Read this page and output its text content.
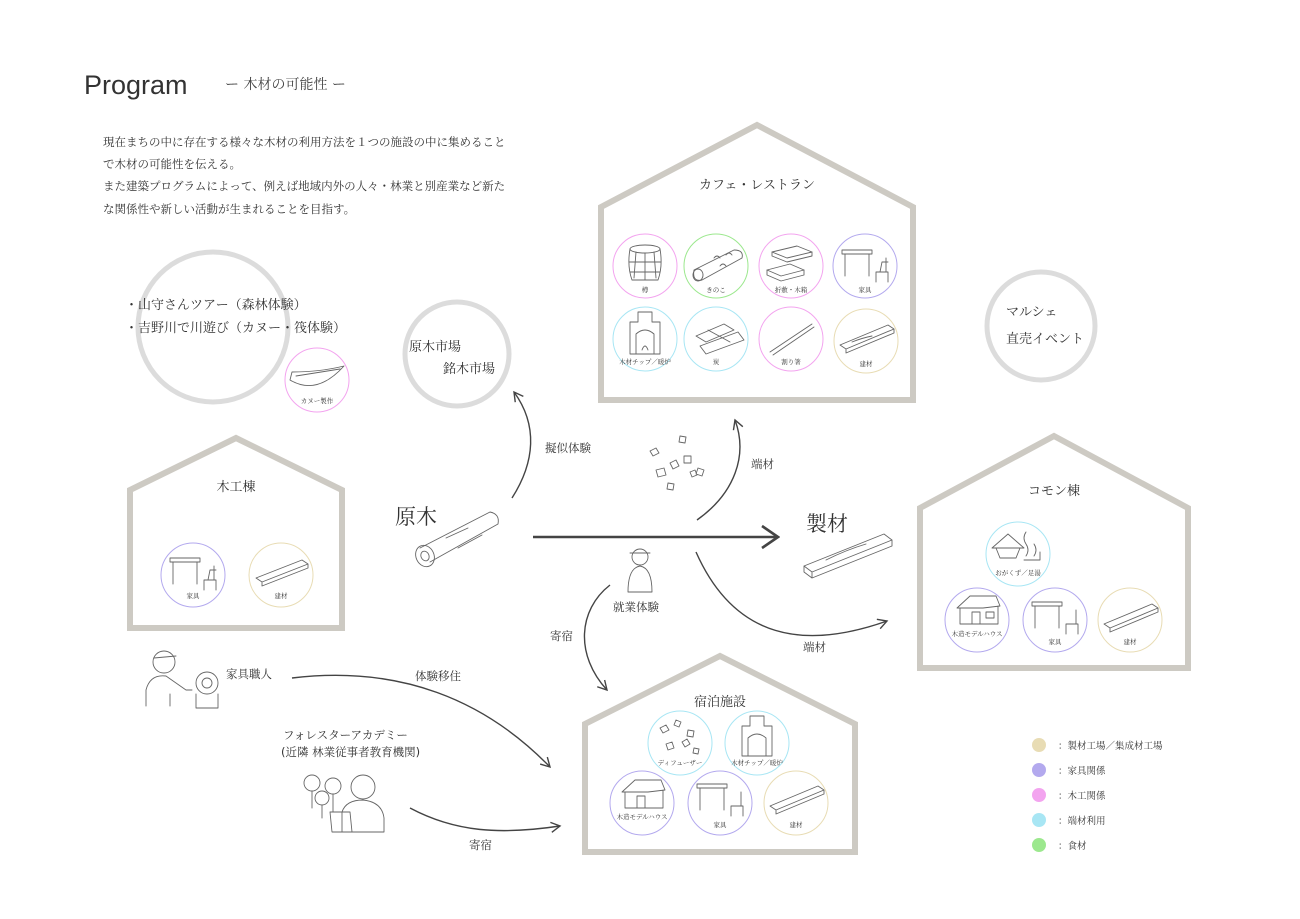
Program	ー 木材の可能性 ー
現在まちの中に存在する様々な木材の利用方法を１つの施設の中に集めること
で木材の可能性を伝える。
また建築プログラムによって、例えば地域内外の人々・林業と別産業など新た
な関係性や新しい活動が生まれることを目指す。
・山守さんツアー（森林体験）
・吉野川で川遊び（カヌー・筏体験）
カヌー製作
原木市場
銘木市場
マルシェ
直売イベント
カフェ・レストラン
樽	きのこ	折敷・木箱	家具
木材チップ／暖炉	炭	割り箸	建材
木工棟
家具	建材
コモン棟
おがくず／足湯
木造モデルハウス
家具	建材
宿泊施設
ディフューザー	木材チップ／暖炉
木造モデルハウス
家具	建材
原木	製材
擬似体験
端材
端材
就業体験
寄宿
家具職人	体験移住
フォレスターアカデミー
(近隣 林業従事者教育機関)
寄宿
：製材工場／集成材工場
：家具関係
：木工関係
：端材利用
：食材
